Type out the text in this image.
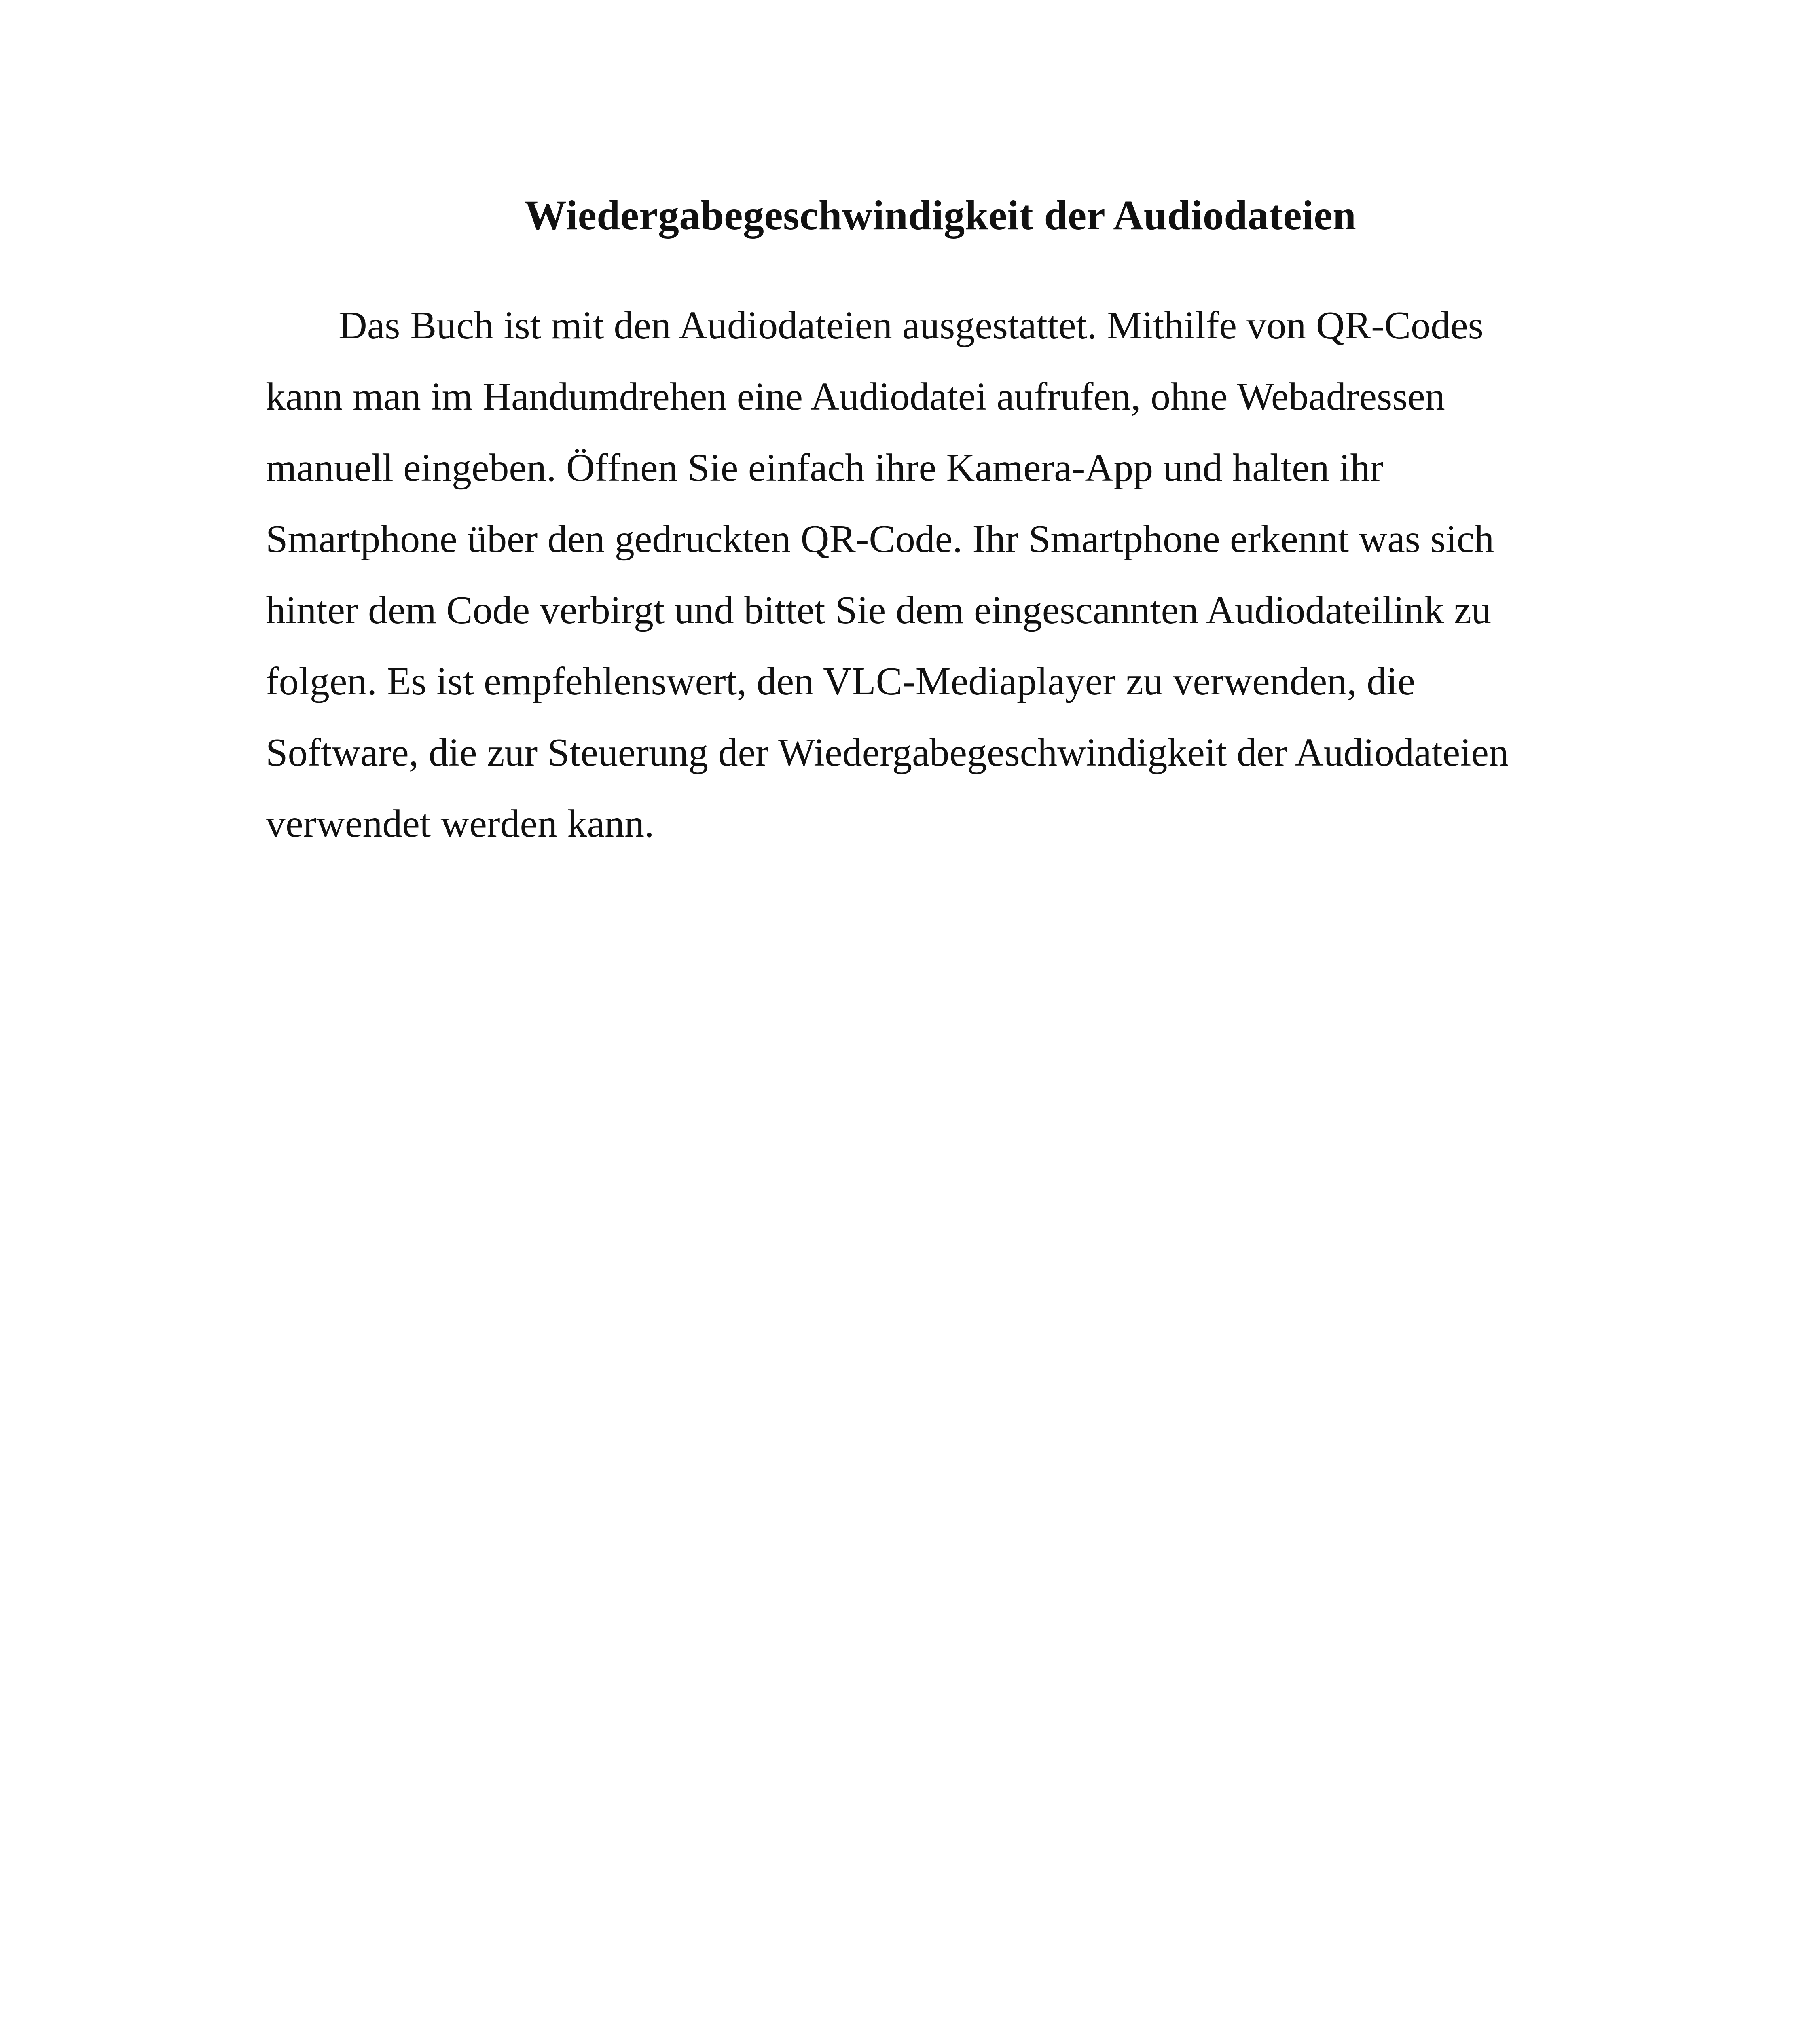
Wiedergabegeschwindigkeit der Audiodateien
Das Buch ist mit den Audiodateien ausgestattet. Mithilfe von QR-Codes
kann man im Handumdrehen eine Audiodatei aufrufen, ohne Webadressen
manuell eingeben. Öffnen Sie einfach ihre Kamera-App und halten ihr
Smartphone über den gedruckten QR-Code. Ihr Smartphone erkennt was sich
hinter dem Code verbirgt und bittet Sie dem eingescannten Audiodateilink zu
folgen. Es ist empfehlenswert, den VLC-Mediaplayer zu verwenden, die
Software, die zur Steuerung der Wiedergabegeschwindigkeit der Audiodateien
verwendet werden kann.
